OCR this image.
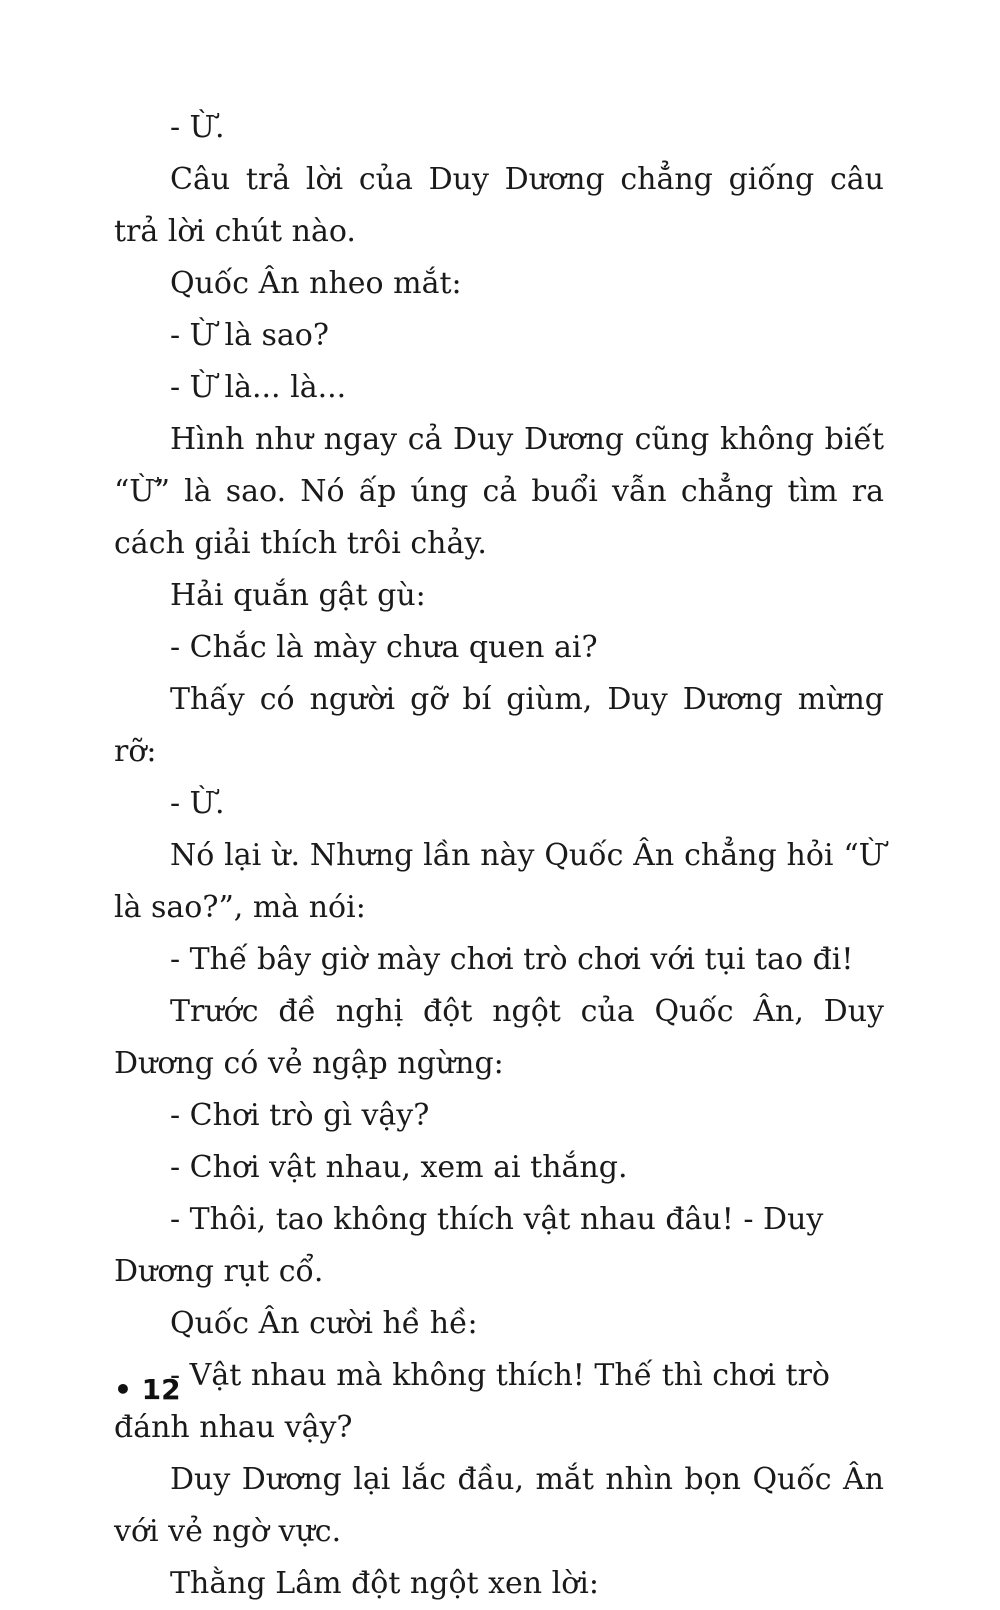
- Ừ.

Câu trả lời của Duy Dương chẳng giống câu trả lời chút nào.

Quốc Ân nheo mắt:

- Ừ là sao?

- Ừ là... là...

Hình như ngay cả Duy Dương cũng không biết “Ừ” là sao. Nó ấp úng cả buổi vẫn chẳng tìm ra cách giải thích trôi chảy.

Hải quắn gật gù:

- Chắc là mày chưa quen ai?

Thấy có người gỡ bí giùm, Duy Dương mừng rỡ:

- Ừ.

Nó lại ừ. Nhưng lần này Quốc Ân chẳng hỏi “Ừ là sao?”, mà nói:

- Thế bây giờ mày chơi trò chơi với tụi tao đi!

Trước đề nghị đột ngột của Quốc Ân, Duy Dương có vẻ ngập ngừng:

- Chơi trò gì vậy?

- Chơi vật nhau, xem ai thắng.

- Thôi, tao không thích vật nhau đâu! - Duy Dương rụt cổ.

Quốc Ân cười hề hề:

- Vật nhau mà không thích! Thế thì chơi trò đánh nhau vậy?

Duy Dương lại lắc đầu, mắt nhìn bọn Quốc Ân với vẻ ngờ vực.

Thằng Lâm đột ngột xen lời:

• 12
